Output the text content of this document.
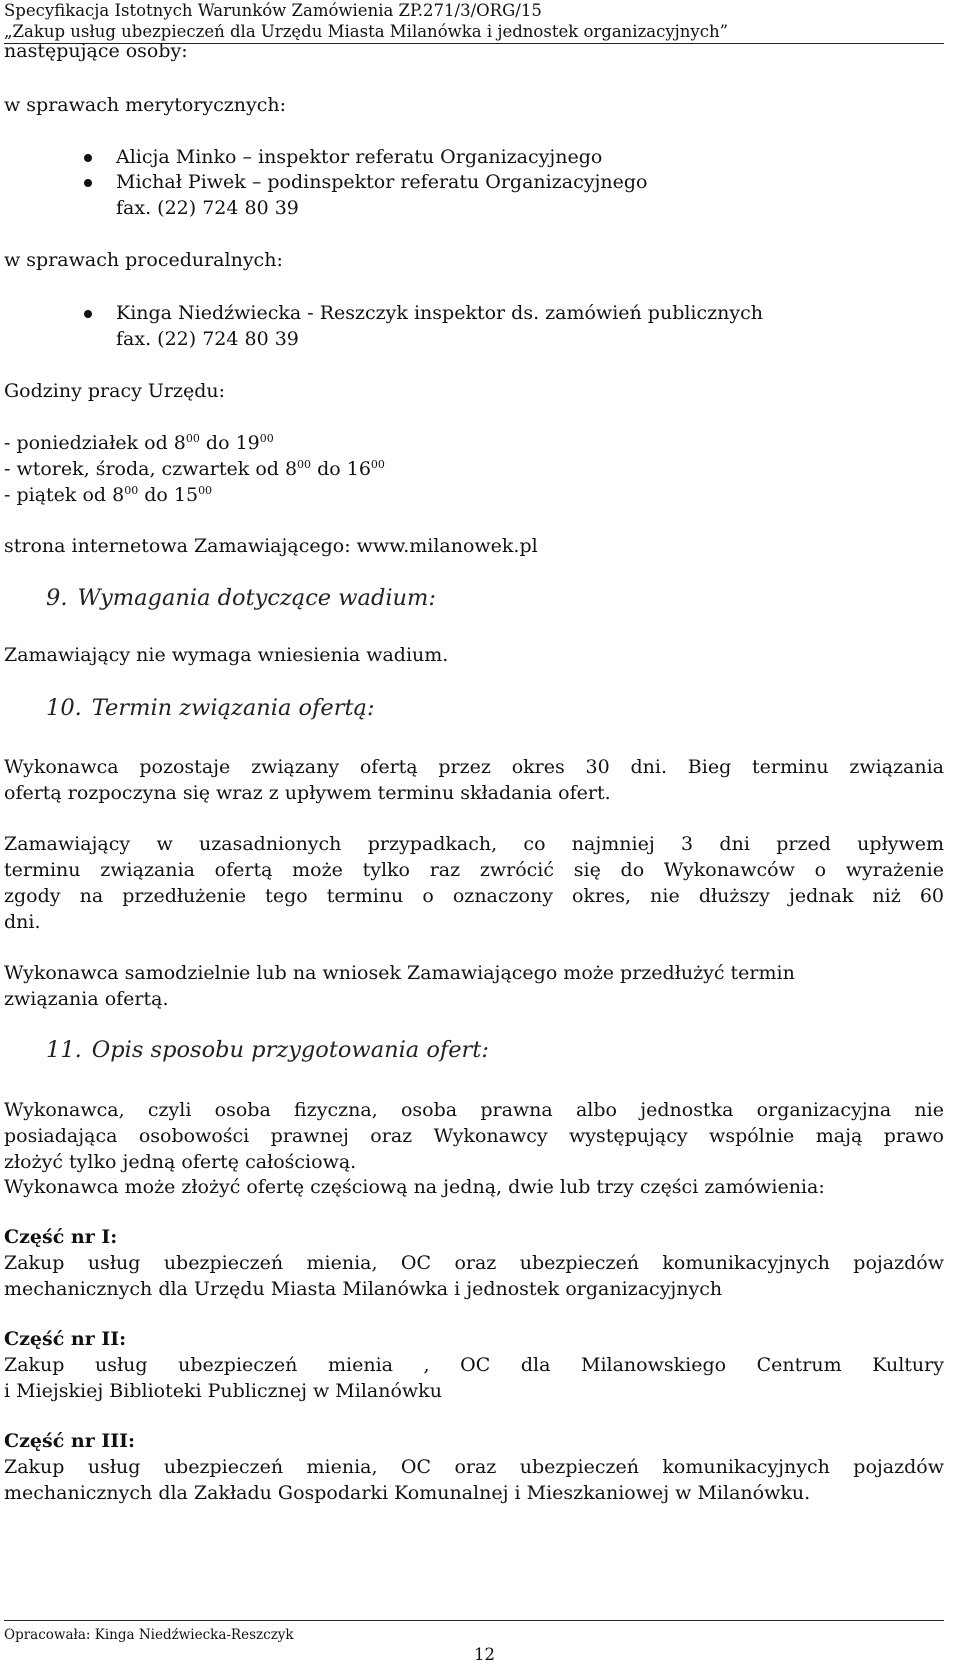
Specyfikacja Istotnych Warunków Zamówienia ZP.271/3/ORG/15
„Zakup usług ubezpieczeń dla Urzędu Miasta Milanówka i jednostek organizacyjnych”
następujące osoby:
w sprawach merytorycznych:
Alicja Minko – inspektor referatu Organizacyjnego
Michał Piwek – podinspektor referatu Organizacyjnego
fax. (22) 724 80 39
w sprawach proceduralnych:
Kinga Niedźwiecka - Reszczyk inspektor ds. zamówień publicznych
fax. (22) 724 80 39
Godziny pracy Urzędu:
- poniedziałek od $8^{00}$ do $19^{00}$
- wtorek, środa, czwartek od $8^{00}$ do $16^{00}$
- piątek od $8^{00}$ do $15^{00}$
strona internetowa Zamawiającego: www.milanowek.pl
9. Wymagania dotyczące wadium:
Zamawiający nie wymaga wniesienia wadium.
10. Termin związania ofertą:
Wykonawca pozostaje związany ofertą przez okres 30 dni. Bieg terminu związania
ofertą rozpoczyna się wraz z upływem terminu składania ofert.
Zamawiający w uzasadnionych przypadkach, co najmniej 3 dni przed upływem
terminu związania ofertą może tylko raz zwrócić się do Wykonawców o wyrażenie
zgody na przedłużenie tego terminu o oznaczony okres, nie dłuższy jednak niż 60
dni.
Wykonawca samodzielnie lub na wniosek Zamawiającego może przedłużyć termin
związania ofertą.
11. Opis sposobu przygotowania ofert:
Wykonawca, czyli osoba fizyczna, osoba prawna albo jednostka organizacyjna nie
posiadająca osobowości prawnej oraz Wykonawcy występujący wspólnie mają prawo
złożyć tylko jedną ofertę całościową.
Wykonawca może złożyć ofertę częściową na jedną, dwie lub trzy części zamówienia:
Część nr I:
Zakup usług ubezpieczeń mienia, OC oraz ubezpieczeń komunikacyjnych pojazdów
mechanicznych dla Urzędu Miasta Milanówka i jednostek organizacyjnych
Część nr II:
Zakup usług ubezpieczeń mienia , OC dla Milanowskiego Centrum Kultury
i Miejskiej Biblioteki Publicznej w Milanówku
Część nr III:
Zakup usług ubezpieczeń mienia, OC oraz ubezpieczeń komunikacyjnych pojazdów
mechanicznych dla Zakładu Gospodarki Komunalnej i Mieszkaniowej w Milanówku.
Opracowała: Kinga Niedźwiecka-Reszczyk
12
